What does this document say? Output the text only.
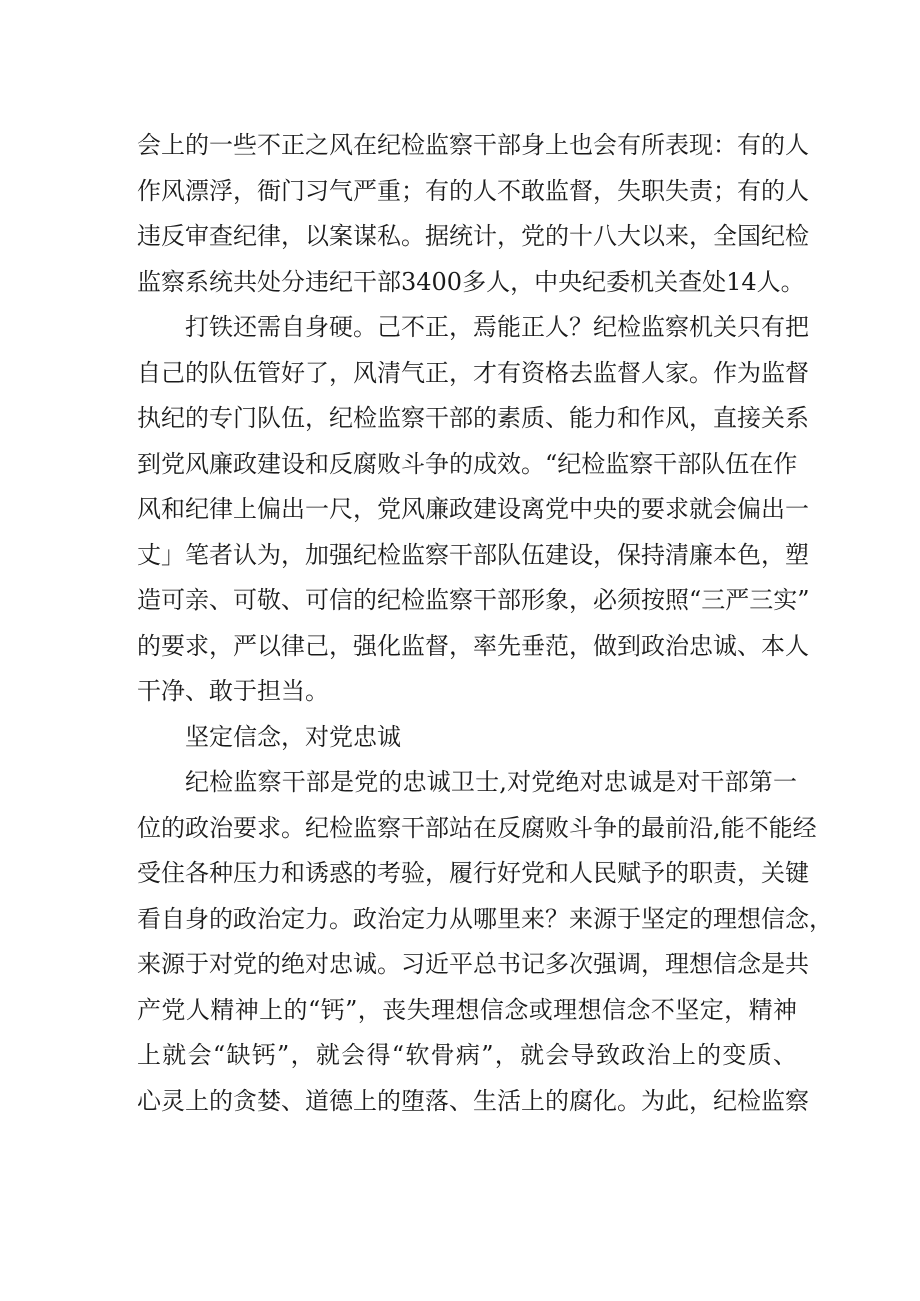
会上的一些不正之风在纪检监察干部身上也会有所表现：有的人
作风漂浮，衙门习气严重；有的人不敢监督，失职失责；有的人
违反审查纪律，以案谋私。据统计，党的十八大以来，全国纪检
监察系统共处分违纪干部3400多人，中央纪委机关查处14人。
打铁还需自身硬。己不正，焉能正人？纪检监察机关只有把
自己的队伍管好了，风清气正，才有资格去监督人家。作为监督
执纪的专门队伍，纪检监察干部的素质、能力和作风，直接关系
到党风廉政建设和反腐败斗争的成效。“纪检监察干部队伍在作
风和纪律上偏出一尺，党风廉政建设离党中央的要求就会偏出一
丈」笔者认为，加强纪检监察干部队伍建设，保持清廉本色，塑
造可亲、可敬、可信的纪检监察干部形象，必须按照“三严三实”
的要求，严以律己，强化监督，率先垂范，做到政治忠诚、本人
干净、敢于担当。
坚定信念，对党忠诚
纪检监察干部是党的忠诚卫士,对党绝对忠诚是对干部第一
位的政治要求。纪检监察干部站在反腐败斗争的最前沿,能不能经
受住各种压力和诱惑的考验，履行好党和人民赋予的职责，关键
看自身的政治定力。政治定力从哪里来？来源于坚定的理想信念，
来源于对党的绝对忠诚。习近平总书记多次强调，理想信念是共
产党人精神上的“钙”，丧失理想信念或理想信念不坚定，精神
上就会“缺钙”，就会得“软骨病”，就会导致政治上的变质、
心灵上的贪婪、道德上的堕落、生活上的腐化。为此，纪检监察
